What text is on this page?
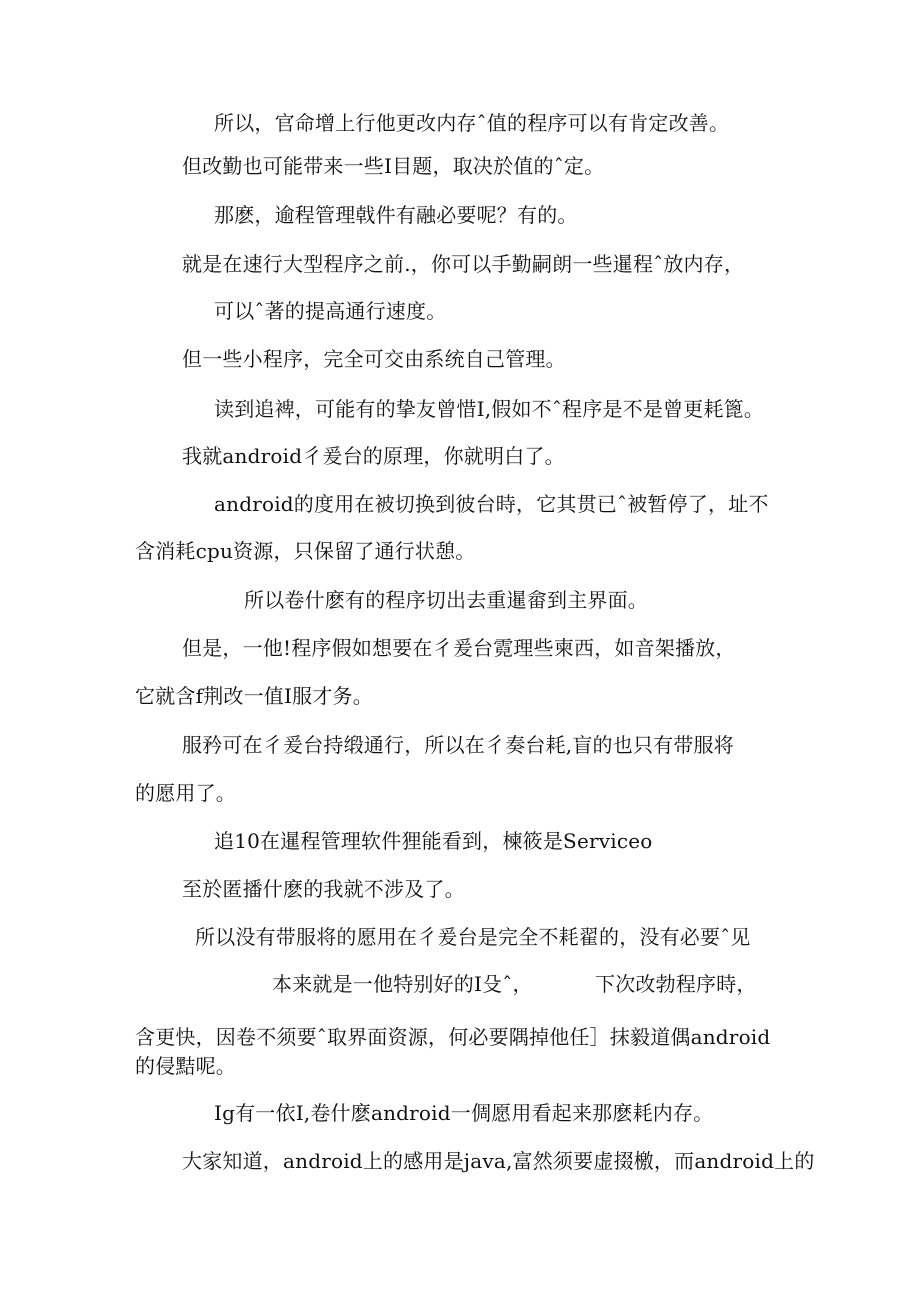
所以，官命增上行他更改内存ˆ值的程序可以有肯定改善。
但改勤也可能带来一些I目题，取决於值的ˆ定。
那麽，逾程管理戟件有融必要呢？有的。
就是在速行大型程序之前.，你可以手勤嗣朗一些暹程ˆ放内存，
可以ˆ著的提高通行速度。
但一些小程序，完全可交由系统自己管理。
读到追裨，可能有的挚友曾惜I,假如不ˆ程序是不是曾更耗篦。
我就android彳爰台的原理，你就明白了。
android的度用在被切换到彼台時，它其贯已ˆ被暂停了，址不
含消耗cpu资源，只保留了通行状憩。
所以卷什麽有的程序切出去重暹畲到主界面。
但是，一他!程序假如想要在彳爰台霓理些柬西，如音架播放，
它就含f荆改一值I服才务。
服矜可在彳爰台持缎通行，所以在彳奏台耗,盲的也只有带服将
的愿用了。
追10在暹程管理软件狸能看到，楝筱是Serviceo
至於匿播什麽的我就不涉及了。
所以没有带服将的愿用在彳爰台是完全不耗翟的，没有必要ˆ见
本来就是一他特别好的I殳ˆ，	下次改勃程序時，
含更快，因卷不须要ˆ取界面资源，何必要隅掉他任］抹毅道偶android
的侵黠呢。
Ig有一依I,卷什麽android一倜愿用看起来那麽耗内存。
大家知道，android上的感用是java,富然须要虚掇檄，而android上的
